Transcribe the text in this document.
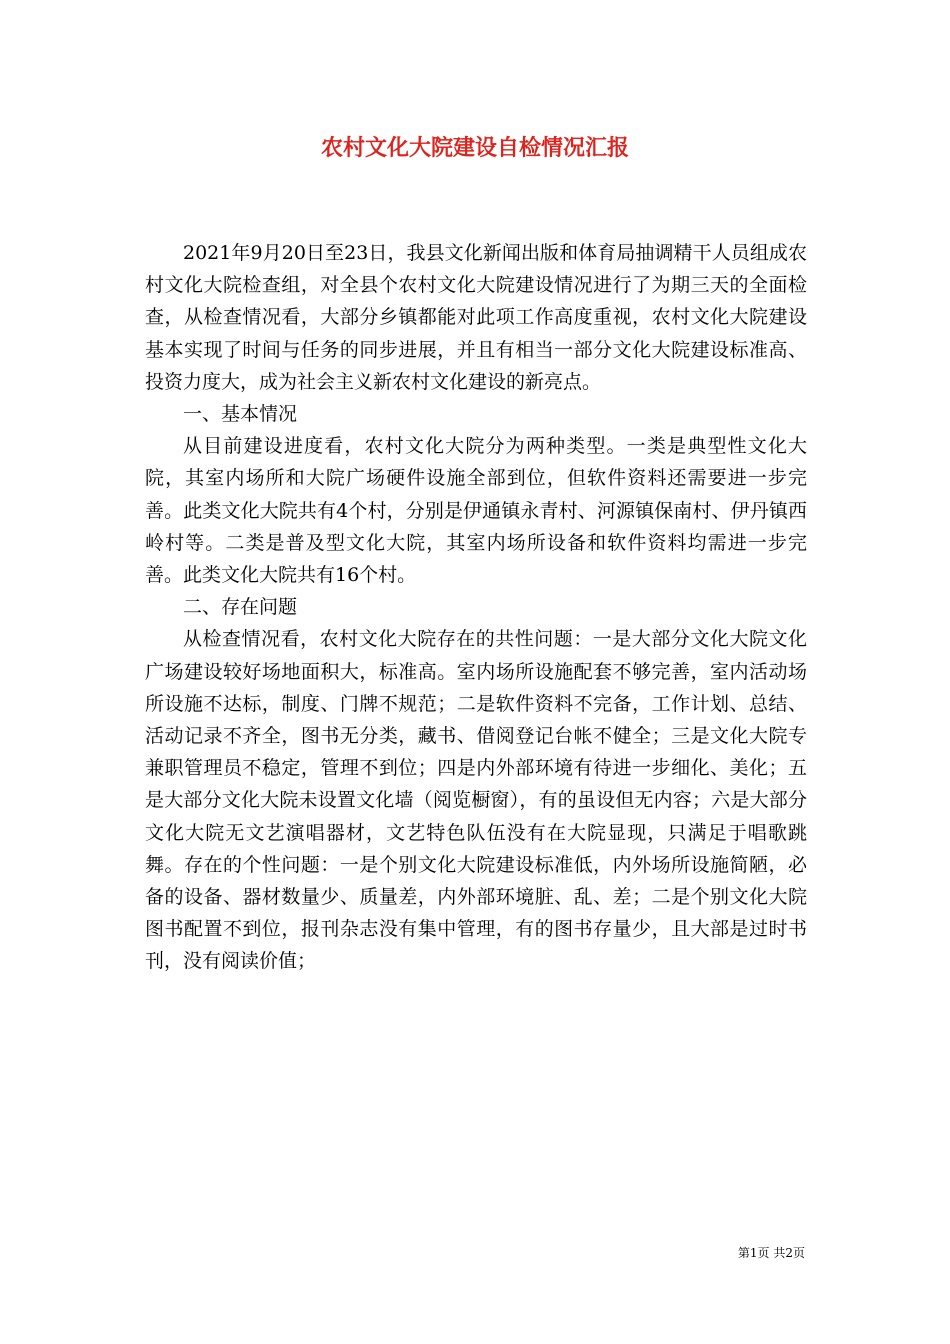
农村文化大院建设自检情况汇报

2021年9月20日至23日，我县文化新闻出版和体育局抽调精干人员组成农村文化大院检查组，对全县个农村文化大院建设情况进行了为期三天的全面检查，从检查情况看，大部分乡镇都能对此项工作高度重视，农村文化大院建设基本实现了时间与任务的同步进展，并且有相当一部分文化大院建设标准高、投资力度大，成为社会主义新农村文化建设的新亮点。

一、基本情况

从目前建设进度看，农村文化大院分为两种类型。一类是典型性文化大院，其室内场所和大院广场硬件设施全部到位，但软件资料还需要进一步完善。此类文化大院共有4个村，分别是伊通镇永青村、河源镇保南村、伊丹镇西岭村等。二类是普及型文化大院，其室内场所设备和软件资料均需进一步完善。此类文化大院共有16个村。

二、存在问题

从检查情况看，农村文化大院存在的共性问题：一是大部分文化大院文化广场建设较好场地面积大，标准高。室内场所设施配套不够完善，室内活动场所设施不达标，制度、门牌不规范；二是软件资料不完备，工作计划、总结、活动记录不齐全，图书无分类，藏书、借阅登记台帐不健全；三是文化大院专兼职管理员不稳定，管理不到位；四是内外部环境有待进一步细化、美化；五是大部分文化大院未设置文化墙（阅览橱窗），有的虽设但无内容；六是大部分文化大院无文艺演唱器材，文艺特色队伍没有在大院显现，只满足于唱歌跳舞。存在的个性问题：一是个别文化大院建设标准低，内外场所设施简陋，必备的设备、器材数量少、质量差，内外部环境脏、乱、差；二是个别文化大院图书配置不到位，报刊杂志没有集中管理，有的图书存量少，且大部是过时书刊，没有阅读价值；

第1页 共2页
